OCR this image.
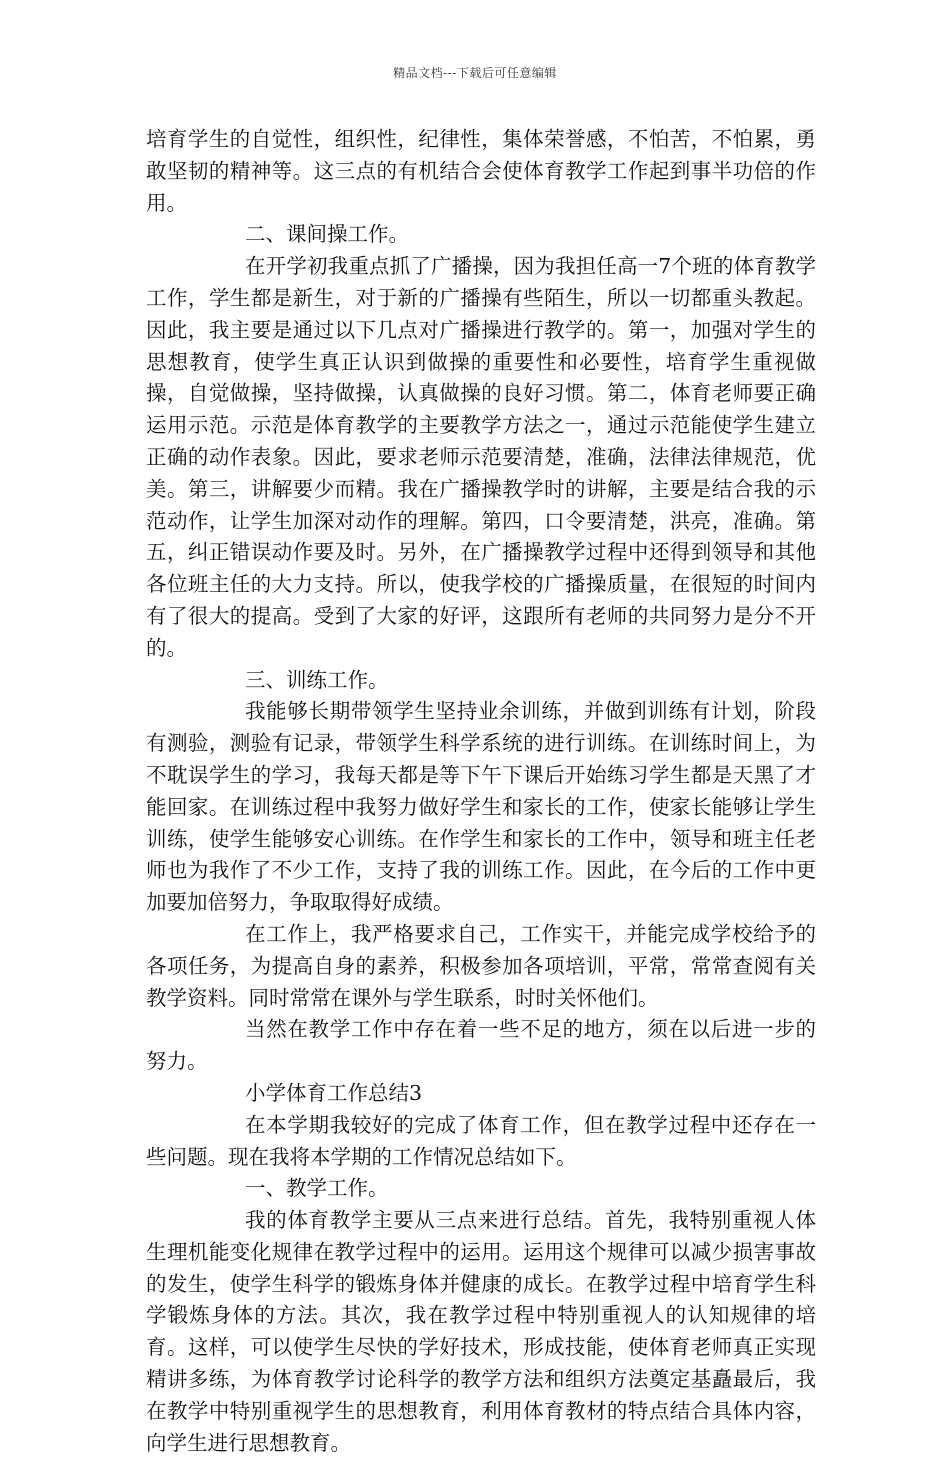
精品文档---下载后可任意编辑

培育学生的自觉性，组织性，纪律性，集体荣誉感，不怕苦，不怕累，勇敢坚韧的精神等。这三点的有机结合会使体育教学工作起到事半功倍的作用。

二、课间操工作。

在开学初我重点抓了广播操，因为我担任高一7个班的体育教学工作，学生都是新生，对于新的广播操有些陌生，所以一切都重头教起。因此，我主要是通过以下几点对广播操进行教学的。第一，加强对学生的思想教育，使学生真正认识到做操的重要性和必要性，培育学生重视做操，自觉做操，坚持做操，认真做操的良好习惯。第二，体育老师要正确运用示范。示范是体育教学的主要教学方法之一，通过示范能使学生建立正确的动作表象。因此，要求老师示范要清楚，准确，法律法律规范，优美。第三，讲解要少而精。我在广播操教学时的讲解，主要是结合我的示范动作，让学生加深对动作的理解。第四，口令要清楚，洪亮，准确。第五，纠正错误动作要及时。另外，在广播操教学过程中还得到领导和其他各位班主任的大力支持。所以，使我学校的广播操质量，在很短的时间内有了很大的提高。受到了大家的好评，这跟所有老师的共同努力是分不开的。

三、训练工作。

我能够长期带领学生坚持业余训练，并做到训练有计划，阶段有测验，测验有记录，带领学生科学系统的进行训练。在训练时间上，为不耽误学生的学习，我每天都是等下午下课后开始练习学生都是天黑了才能回家。在训练过程中我努力做好学生和家长的工作，使家长能够让学生训练，使学生能够安心训练。在作学生和家长的工作中，领导和班主任老师也为我作了不少工作，支持了我的训练工作。因此，在今后的工作中更加要加倍努力，争取取得好成绩。

在工作上，我严格要求自己，工作实干，并能完成学校给予的各项任务，为提高自身的素养，积极参加各项培训，平常，常常查阅有关教学资料。同时常常在课外与学生联系，时时关怀他们。

当然在教学工作中存在着一些不足的地方，须在以后进一步的努力。

小学体育工作总结3

在本学期我较好的完成了体育工作，但在教学过程中还存在一些问题。现在我将本学期的工作情况总结如下。

一、教学工作。

我的体育教学主要从三点来进行总结。首先，我特别重视人体生理机能变化规律在教学过程中的运用。运用这个规律可以减少损害事故的发生，使学生科学的锻炼身体并健康的成长。在教学过程中培育学生科学锻炼身体的方法。其次，我在教学过程中特别重视人的认知规律的培育。这样，可以使学生尽快的学好技术，形成技能，使体育老师真正实现精讲多练，为体育教学讨论科学的教学方法和组织方法奠定基矗最后，我在教学中特别重视学生的思想教育，利用体育教材的特点结合具体内容，向学生进行思想教育。
